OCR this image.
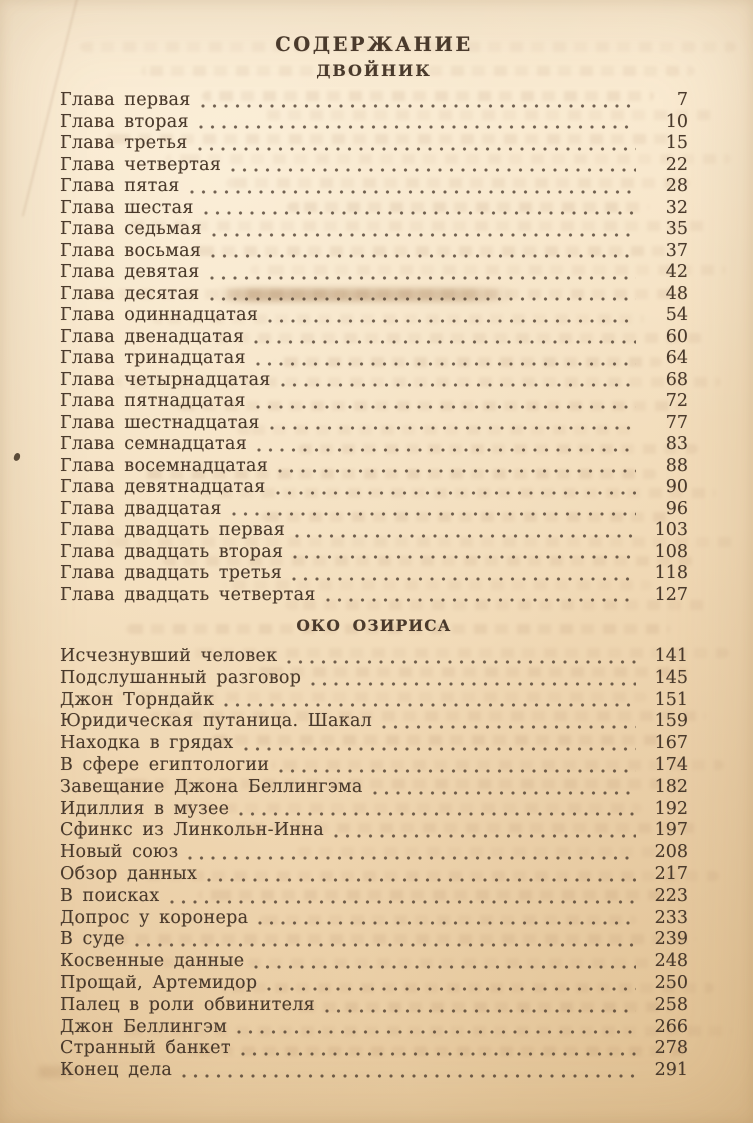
СОДЕРЖАНИЕ
ДВОЙНИК
Глава первая	7
Глава вторая	10
Глава третья	15
Глава четвертая	22
Глава пятая	28
Глава шестая	32
Глава седьмая	35
Глава восьмая	37
Глава девятая	42
Глава десятая	48
Глава одиннадцатая	54
Глава двенадцатая	60
Глава тринадцатая	64
Глава четырнадцатая	68
Глава пятнадцатая	72
Глава шестнадцатая	77
Глава семнадцатая	83
Глава восемнадцатая	88
Глава девятнадцатая	90
Глава двадцатая	96
Глава двадцать первая	103
Глава двадцать вторая	108
Глава двадцать третья	118
Глава двадцать четвертая	127
ОКО ОЗИРИСА
Исчезнувший человек	141
Подслушанный разговор	145
Джон Торндайк	151
Юридическая путаница. Шакал	159
Находка в грядах	167
В сфере египтологии	174
Завещание Джона Беллингэма	182
Идиллия в музее	192
Сфинкс из Линкольн-Инна	197
Новый союз	208
Обзор данных	217
В поисках	223
Допрос у коронера	233
В суде	239
Косвенные данные	248
Прощай, Артемидор	250
Палец в роли обвинителя	258
Джон Беллингэм	266
Странный банкет	278
Конец дела	291
